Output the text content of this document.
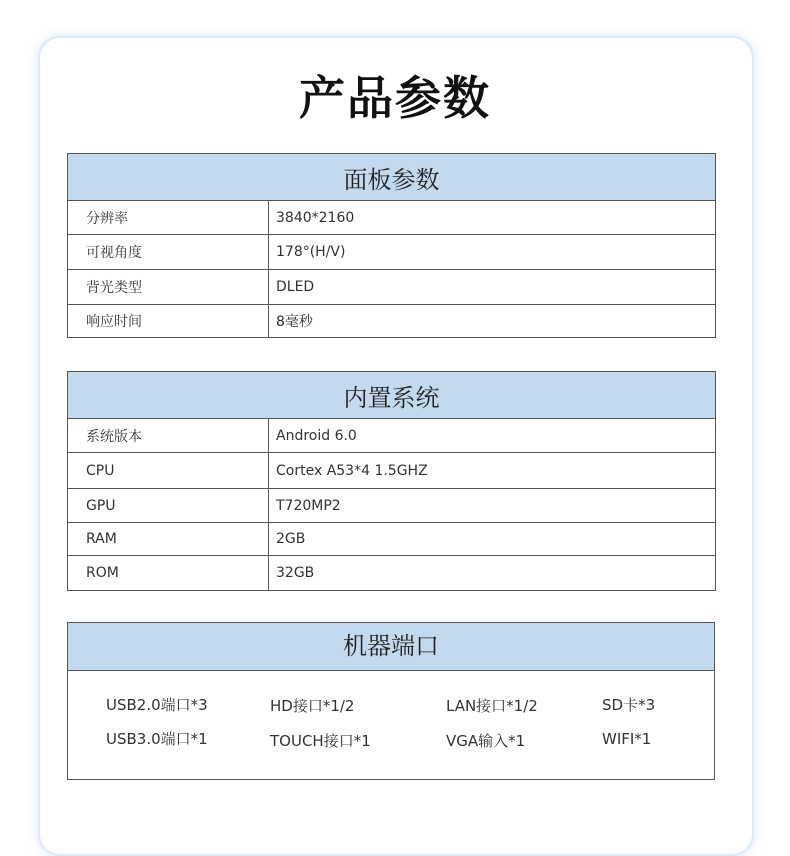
产品参数
面板参数	
分辨率	3840*2160
可视角度	178°(H/V)
背光类型	DLED
响应时间	8毫秒
内置系统	
系统版本	Android 6.0
CPU	Cortex A53*4 1.5GHZ
GPU	T720MP2
RAM	2GB
ROM	32GB
机器端口
USB2.0端口*3	HD接口*1/2	LAN接口*1/2	SD卡*3
USB3.0端口*1	TOUCH接口*1	VGA输入*1	WIFI*1
